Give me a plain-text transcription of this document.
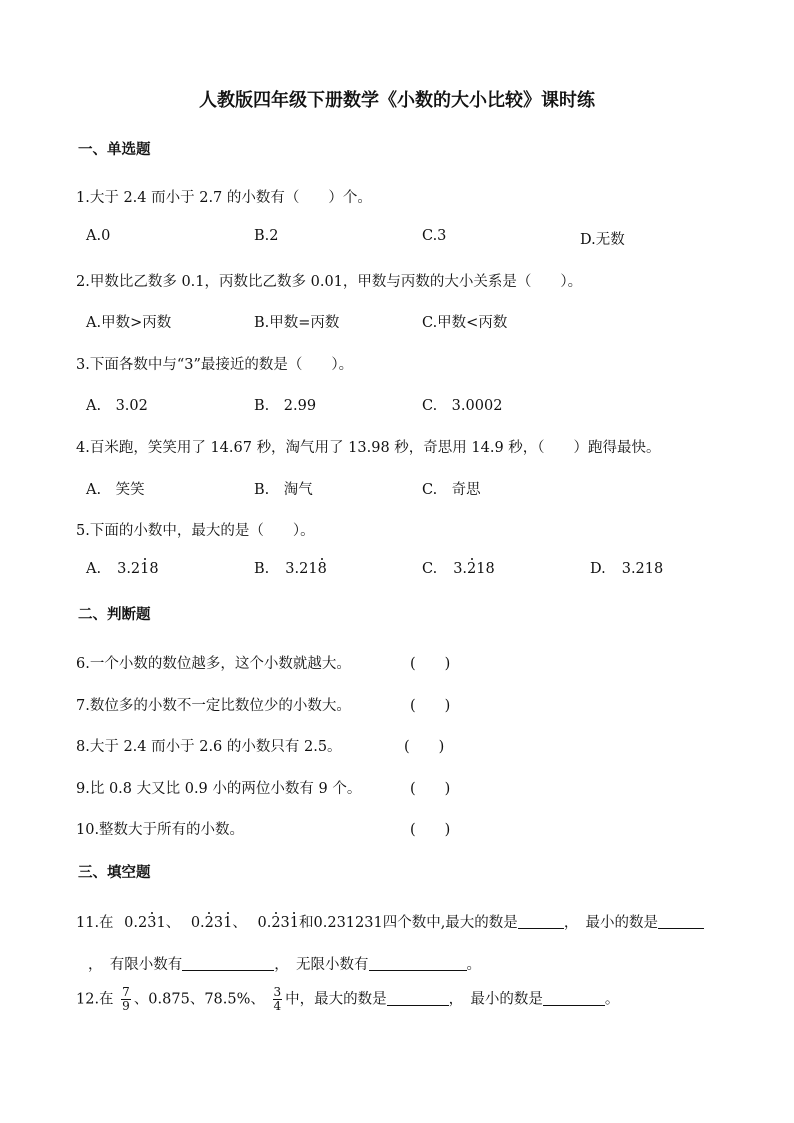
人教版四年级下册数学《小数的大小比较》课时练
一、单选题
1.大于 2.4 而小于 2.7 的小数有（　　）个。
A.0	B.2	C.3	D.无数
2.甲数比乙数多 0.1，丙数比乙数多 0.01，甲数与丙数的大小关系是（　　）。
A.甲数>丙数	B.甲数=丙数	C.甲数<丙数
3.下面各数中与“3”最接近的数是（　　）。
A.　3.02	B.　2.99	C.　3.0002
4.百米跑，笑笑用了 14.67 秒，淘气用了 13.98 秒，奇思用 14.9 秒，（　　）跑得最快。
A.　笑笑	B.　淘气	C.　奇思
5.下面的小数中，最大的是（　　）。
A. 3.218	B. 3.218	C. 3.218	D. 3.218
二、判断题
6.一个小数的数位越多，这个小数就越大。	(　　)
7.数位多的小数不一定比数位少的小数大。	(　　)
8.大于 2.4 而小于 2.6 的小数只有 2.5。	(　　)
9.比 0.8 大又比 0.9 小的两位小数有 9 个。	(　　)
10.整数大于所有的小数。	(　　)
三、填空题
11.在 0.231、 0.231、 0.231和0.231231四个数中,最大的数是	，　最小的数是
，　有限小数有	，　无限小数有	。
12.在 $\frac{7}{9}$ 、0.875、78.5%、 $\frac{3}{4}$ 中，最大的数是	，　最小的数是	。
